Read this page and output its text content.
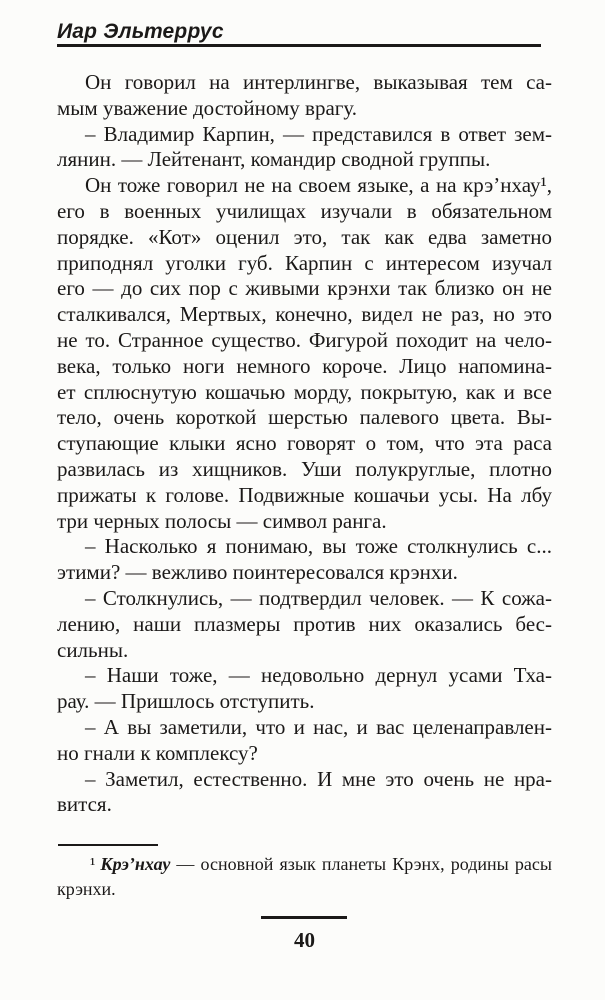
Иар Эльтеррус
Он говорил на интерлингве, выказывая тем са-
мым уважение достойному врагу.
– Владимир Карпин, — представился в ответ зем-
лянин. — Лейтенант, командир сводной группы.
Он тоже говорил не на своем языке, а на крэ’нхау¹,
его в военных училищах изучали в обязательном
порядке. «Кот» оценил это, так как едва заметно
приподнял уголки губ. Карпин с интересом изучал
его — до сих пор с живыми крэнхи так близко он не
сталкивался, Мертвых, конечно, видел не раз, но это
не то. Странное существо. Фигурой походит на чело-
века, только ноги немного короче. Лицо напомина-
ет сплюснутую кошачью морду, покрытую, как и все
тело, очень короткой шерстью палевого цвета. Вы-
ступающие клыки ясно говорят о том, что эта раса
развилась из хищников. Уши полукруглые, плотно
прижаты к голове. Подвижные кошачьи усы. На лбу
три черных полосы — символ ранга.
– Насколько я понимаю, вы тоже столкнулись с...
этими? — вежливо поинтересовался крэнхи.
– Столкнулись, — подтвердил человек. — К сожа-
лению, наши плазмеры против них оказались бес-
сильны.
– Наши тоже, — недовольно дернул усами Тха-
рау. — Пришлось отступить.
– А вы заметили, что и нас, и вас целенаправлен-
но гнали к комплексу?
– Заметил, естественно. И мне это очень не нра-
вится.
¹ Крэ’нхау — основной язык планеты Крэнх, родины расы крэнхи.
40
